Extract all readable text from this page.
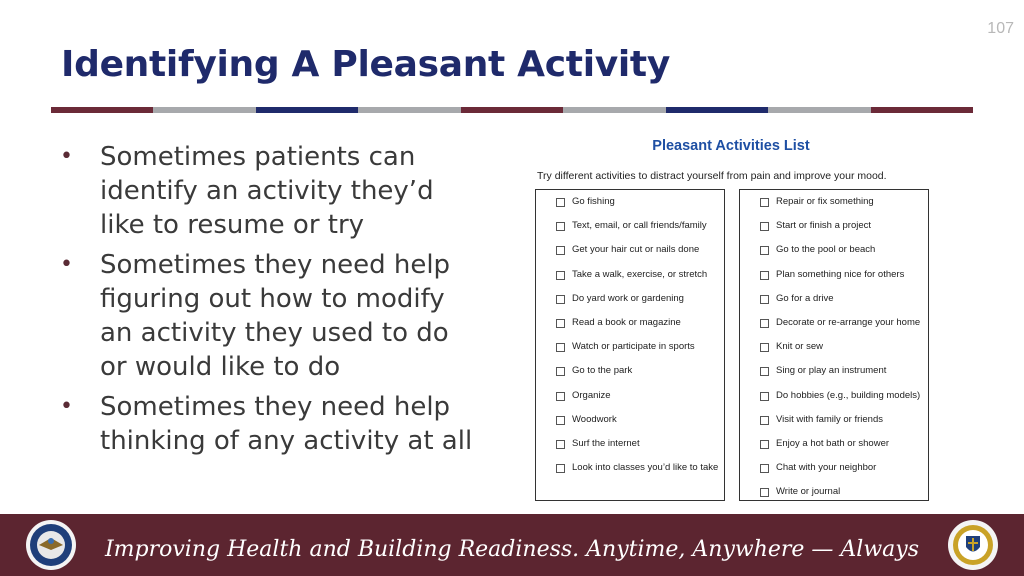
107
Identifying A Pleasant Activity
• Sometimes patients can identify an activity they’d like to resume or try
• Sometimes they need help figuring out how to modify an activity they used to do or would like to do
• Sometimes they need help thinking of any activity at all
Pleasant Activities List
Try different activities to distract yourself from pain and improve your mood.
Go fishing
Text, email, or call friends/family
Get your hair cut or nails done
Take a walk, exercise, or stretch
Do yard work or gardening
Read a book or magazine
Watch or participate in sports
Go to the park
Organize
Woodwork
Surf the internet
Look into classes you’d like to take
Repair or fix something
Start or finish a project
Go to the pool or beach
Plan something nice for others
Go for a drive
Decorate or re-arrange your home
Knit or sew
Sing or play an instrument
Do hobbies (e.g., building models)
Visit with family or friends
Enjoy a hot bath or shower
Chat with your neighbor
Write or journal
Improving Health and Building Readiness. Anytime, Anywhere — Always
